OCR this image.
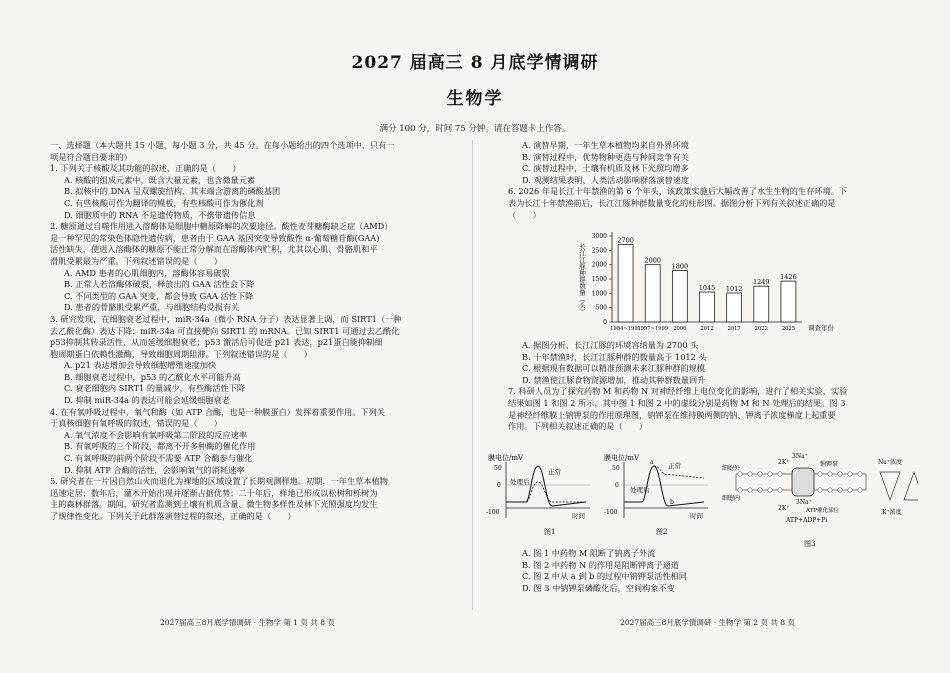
2027 届高三 8 月底学情调研
生物学
满分 100 分，时间 75 分钟。请在答题卡上作答。
一、选择题（本大题共 15 小题，每小题 3 分，共 45 分。在每小题给出的四个选项中，只有一
项是符合题目要求的）
1. 下列关于核酸及其功能的叙述，正确的是（　　）
A. 核酸的组成元素中，既含大量元素，也含微量元素
B. 拟核中的 DNA 呈双螺旋结构，其末端含游离的磷酸基团
C. 有些核酸可作为翻译的模板，有些核酸可作为催化剂
D. 细胞质中的 RNA 不是遗传物质，不携带遗传信息
2. 糖原通过自噬作用进入溶酶体是细胞中糖原降解的次要途径。酸性麦芽糖酶缺乏症（AMD）
是一种罕见的常染色体隐性遗传病，患者由于 GAA 基因突变导致酸性 α-葡萄糖苷酶(GAA)
活性缺失，使进入溶酶体的糖原不能正常分解而在溶酶体内贮积，尤其以心肌、骨骼肌和平
滑肌受累最为严重。下列叙述错误的是（　　）
A. AMD 患者的心肌细胞内，溶酶体容易破裂
B. 正常人若溶酶体破裂，释放出的 GAA 活性会下降
C. 不同类型的 GAA 突变，都会导致 GAA 活性下降
D. 患者的骨骼肌受累严重，与细胞结构受损有关
3. 研究发现，在细胞衰老过程中，miR-34a（微小 RNA 分子）表达显著上调，而 SIRT1（一种
去乙酰化酶）表达下降；miR-34a 可直接靶向 SIRT1 的 mRNA。已知 SIRT1 可通过去乙酰化
p53抑制其转录活性，从而延缓细胞衰老；p53 激活后可促进 p21 表达，p21蛋白能抑制细
胞周期蛋白依赖性激酶，导致细胞周期阻滞。下列叙述错误的是（　　）
A. p21 表达增加会导致细胞增殖速度加快
B. 细胞衰老过程中，p53 的乙酰化水平可能升高
C. 衰老细胞内 SIRT1 的量减少，有些酶活性下降
D. 抑制 miR-34a 的表达可能会延缓细胞衰老
4. 在有氧呼吸过程中，氧气和酶（如 ATP 合酶，也是一种膜蛋白）发挥着重要作用。下列关
于真核细胞有氧呼吸的叙述，错误的是（　　）
A. 氧气浓度不会影响有氧呼吸第二阶段的反应速率
B. 有氧呼吸的三个阶段，都离不开多种酶的催化作用
C. 有氧呼吸的前两个阶段不需要 ATP 合酶参与催化
D. 抑制 ATP 合酶的活性，会影响氧气的消耗速率
5. 研究者在一片因自然山火而退化为裸地的区域设置了长期观测样地。初期，一年生草本植物
迅速定居；数年后，灌木开始出现并逐渐占据优势；二十年后，样地已形成以松树和栎树为
主的森林群落。期间，研究者监测到土壤有机质含量、微生物多样性及林下光照强度均发生
了规律性变化。下列关于此群落演替过程的叙述，正确的是（　　）
A. 演替早期，一年生草本植物均来自外界环境
B. 演替过程中，优势物种更迭与种间竞争有关
C. 演替过程中，土壤有机质及林下光照均增多
D. 观测结果表明，人类活动影响群落演替速度
6. 2026 年是长江十年禁渔的第 6 个年头，该政策实施后大幅改善了水生生物的生存环境。下
表为长江十年禁渔前后，长江江豚种群数量变化的柱形图。据图分析下列有关叙述正确的是
（　　）
0
500
1000
1500
2000
2500
3000
长江江豚种群数量（头）
2700
1984~1991
2000
1997~1999
1800
2006
1045
2012
1012
2017
1249
2022
1426
2025 调查年份
A. 据图分析，长江江豚的环境容纳量为 2700 头
B. 十年禁渔时，长江江豚种群的数量高于 1012 头
C. 根据现有数据可以精准预测未来江豚种群的规模
D. 禁渔使江豚食物资源增加，推动其种群数量回升
7. 科研人员为了探究药物 M 和药物 N 对神经纤维上电位变化的影响，进行了相关实验，实验
结果如图 1 和图 2 所示，其中图 1 和图 2 中的虚线分别是药物 M 和 N 处理后的结果。图 3
是神经纤维膜上钠钾泵的作用原理图，钠钾泵在维持膜两侧的钠、钾离子浓度梯度上起重要
作用。下列相关叙述正确的是（　　）
膜电位/mV
50
0
-100
正常
处理后
时间
图1
膜电位/mV
50
0
-100
正常
处理后
a
b
时间
图2
细胞外
细胞内
3Na⁺
2K⁺	钠钾泵
ATP催化部位
ATP+ADP+Pi
3Na⁺
2K⁺
Na⁺浓度
K⁺浓度
图3
A. 图 1 中药物 M 阻断了钠离子外流
B. 图 2 中药物 N 的作用是阻断钾离子通道
C. 图 2 中从 a 到 b 的过程中钠钾泵活性相同
D. 图 3 中钠钾泵磷酸化后，空间构象不变
2027届高三8月底学情调研 · 生物学 第 1 页 共 8 页	2027届高三8月底学情调研 · 生物学 第 2 页 共 8 页
